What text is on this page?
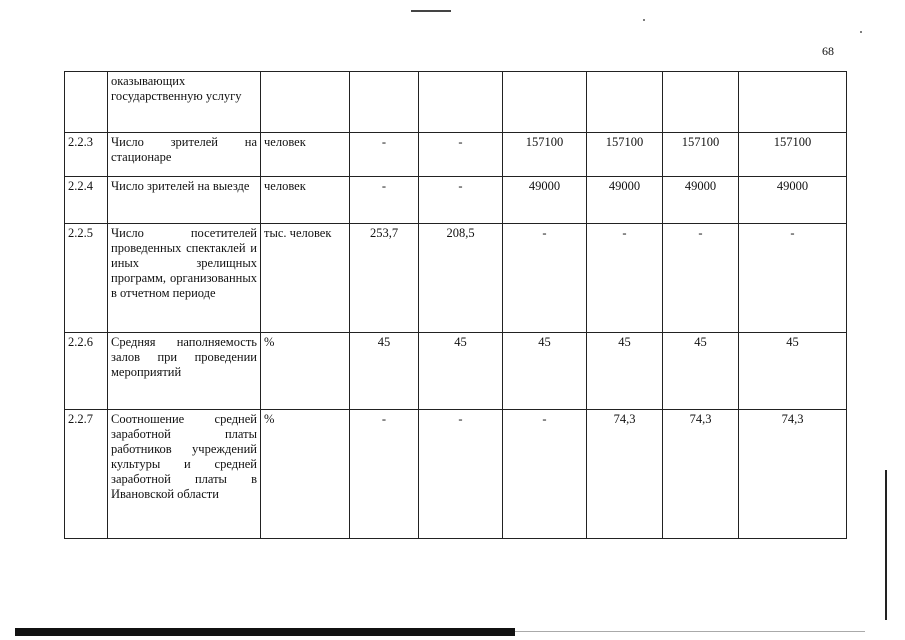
68
	оказывающих государственную услугу							
2.2.3	Число зрителей на стационаре	человек	-	-	157100	157100	157100	157100
2.2.4	Число зрителей на выезде	человек	-	-	49000	49000	49000	49000
2.2.5	Число посетителей проведенных спектаклей и иных зрелищных программ, организованных в отчетном периоде	тыс. человек	253,7	208,5	-	-	-	-
2.2.6	Средняя наполняемость залов при проведении мероприятий	%	45	45	45	45	45	45
2.2.7	Соотношение средней заработной платы работников учреждений культуры и средней заработной платы в Ивановской области	%	-	-	-	74,3	74,3	74,3
